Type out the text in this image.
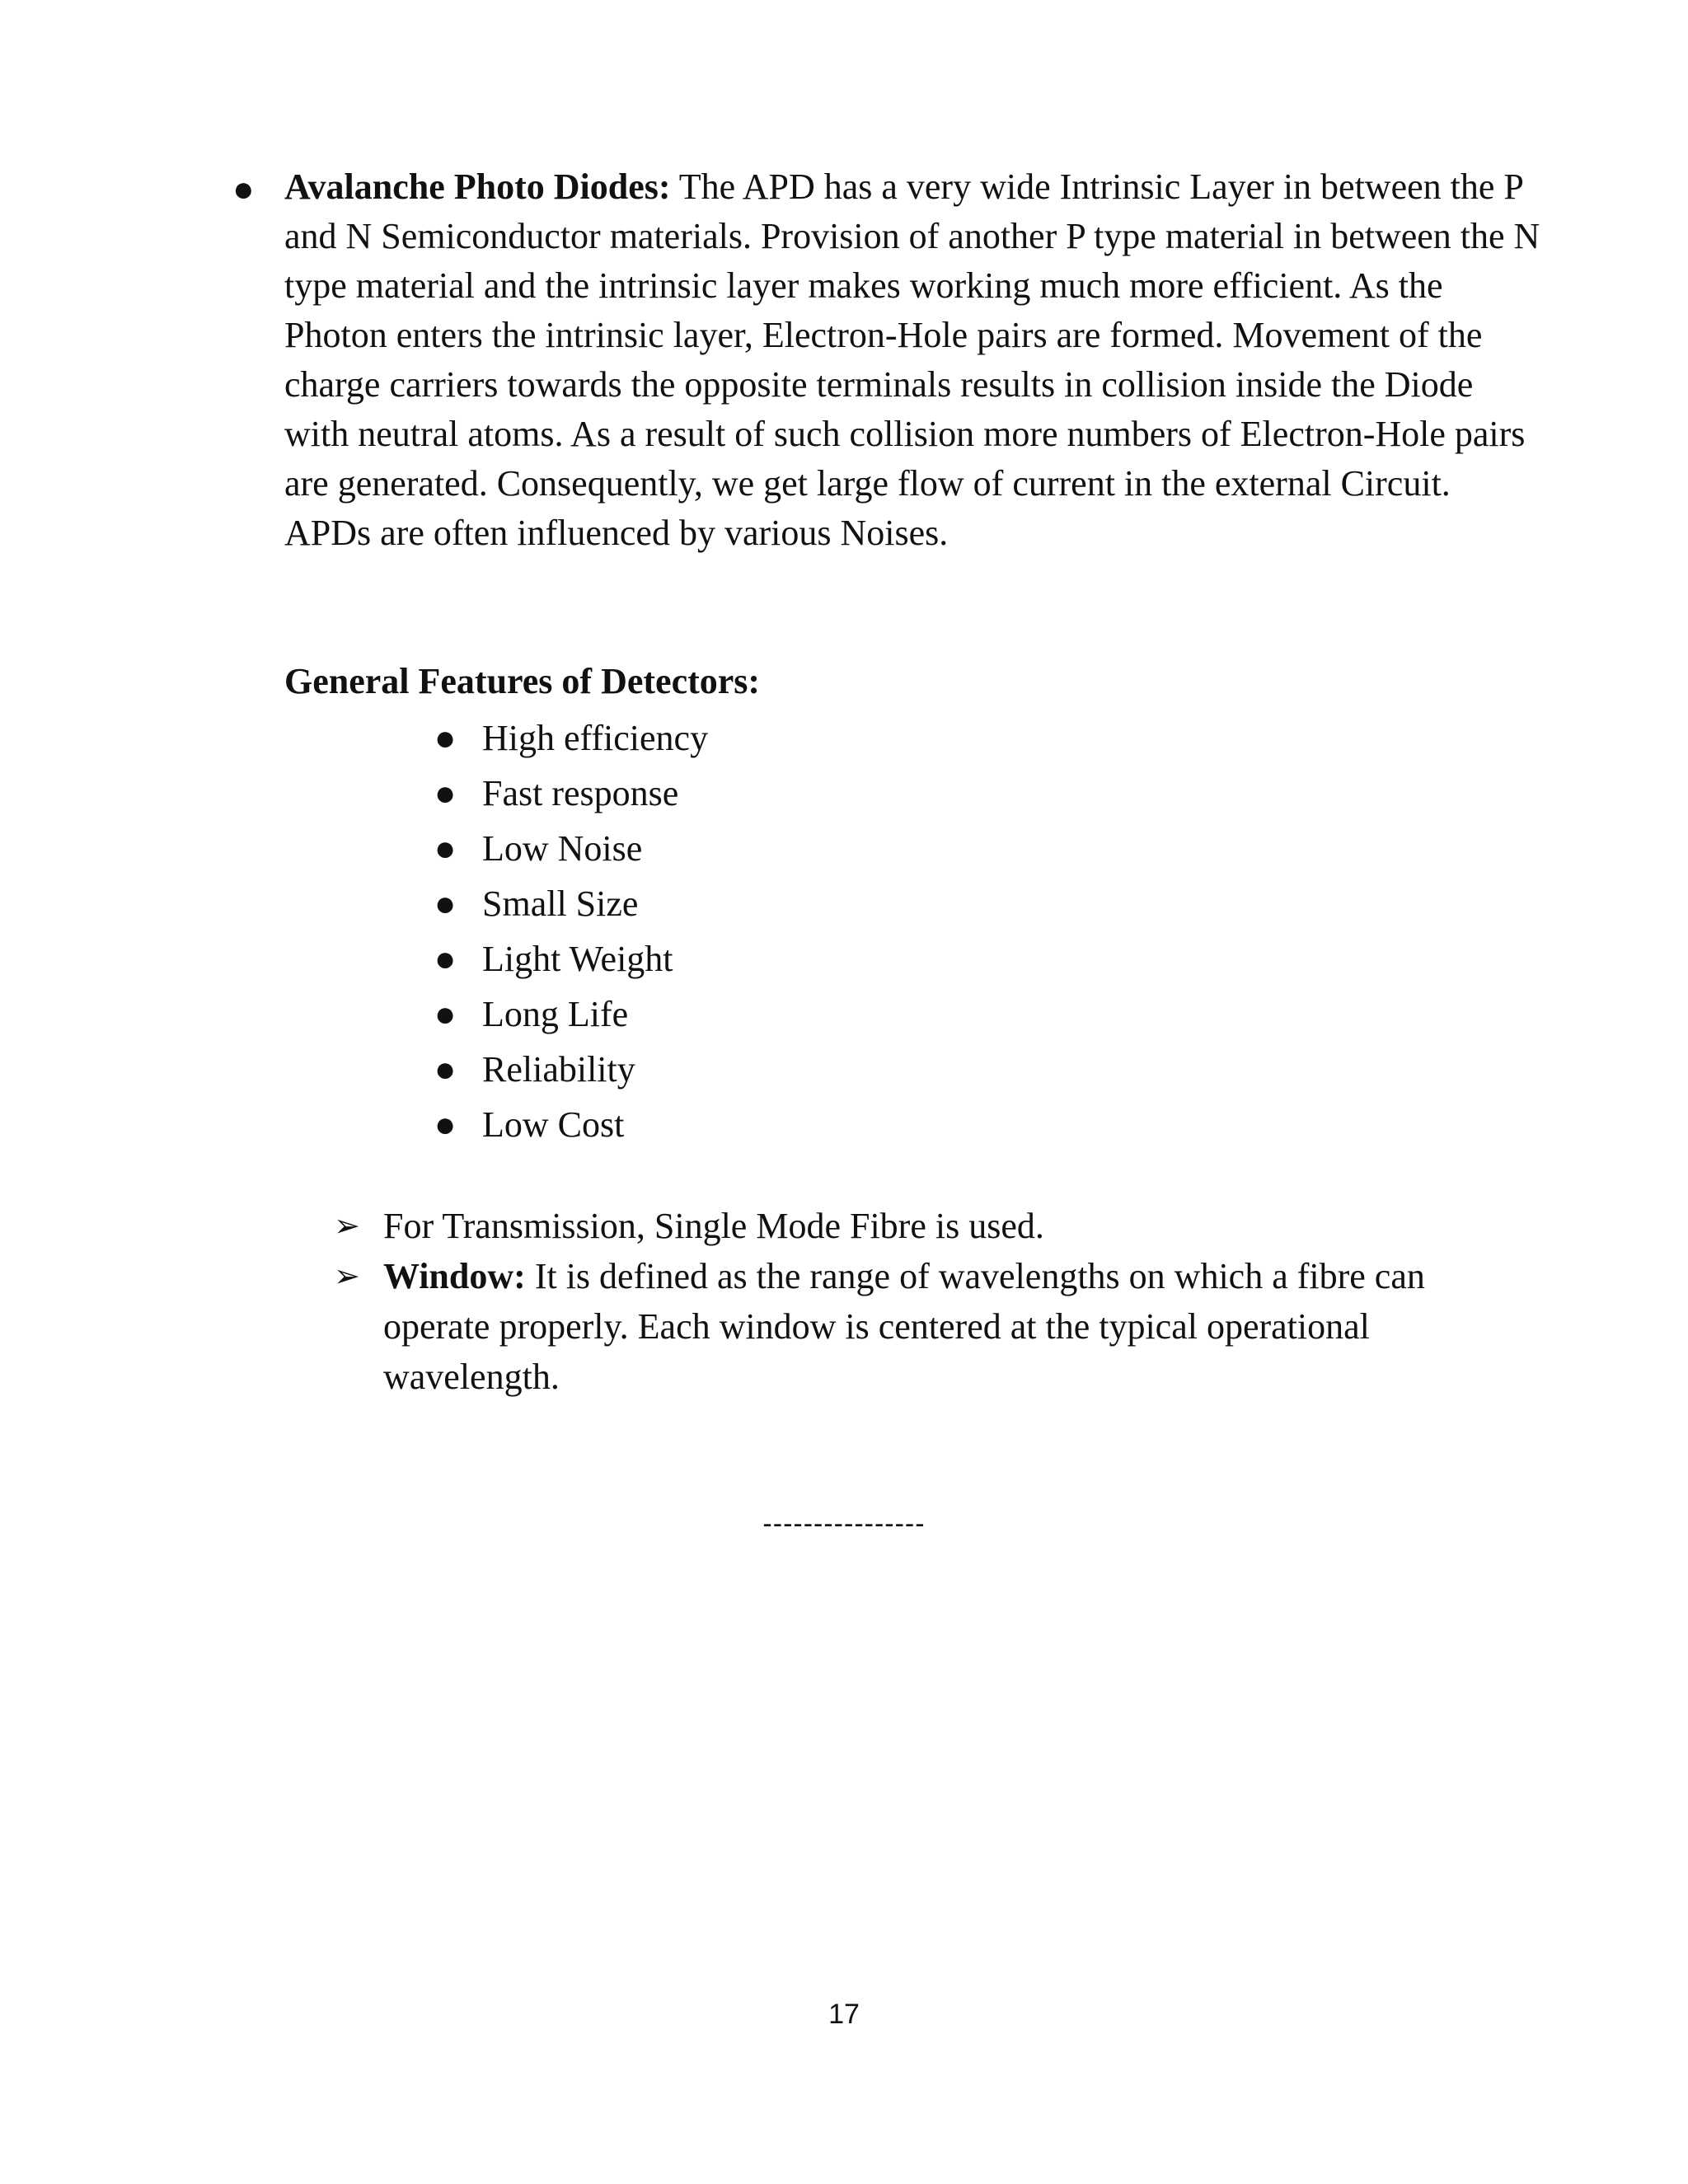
● Avalanche Photo Diodes: The APD has a very wide Intrinsic Layer in between the P and N Semiconductor materials. Provision of another P type material in between the N type material and the intrinsic layer makes working much more efficient. As the Photon enters the intrinsic layer, Electron-Hole pairs are formed. Movement of the charge carriers towards the opposite terminals results in collision inside the Diode with neutral atoms. As a result of such collision more numbers of Electron-Hole pairs are generated. Consequently, we get large flow of current in the external Circuit.

APDs are often influenced by various Noises.

General Features of Detectors:

● High efficiency
● Fast response
● Low Noise
● Small Size
● Light Weight
● Long Life
● Reliability
● Low Cost
➢ For Transmission, Single Mode Fibre is used.
➢ Window: It is defined as the range of wavelengths on which a fibre can operate properly. Each window is centered at the typical operational wavelength.
----------------
17
